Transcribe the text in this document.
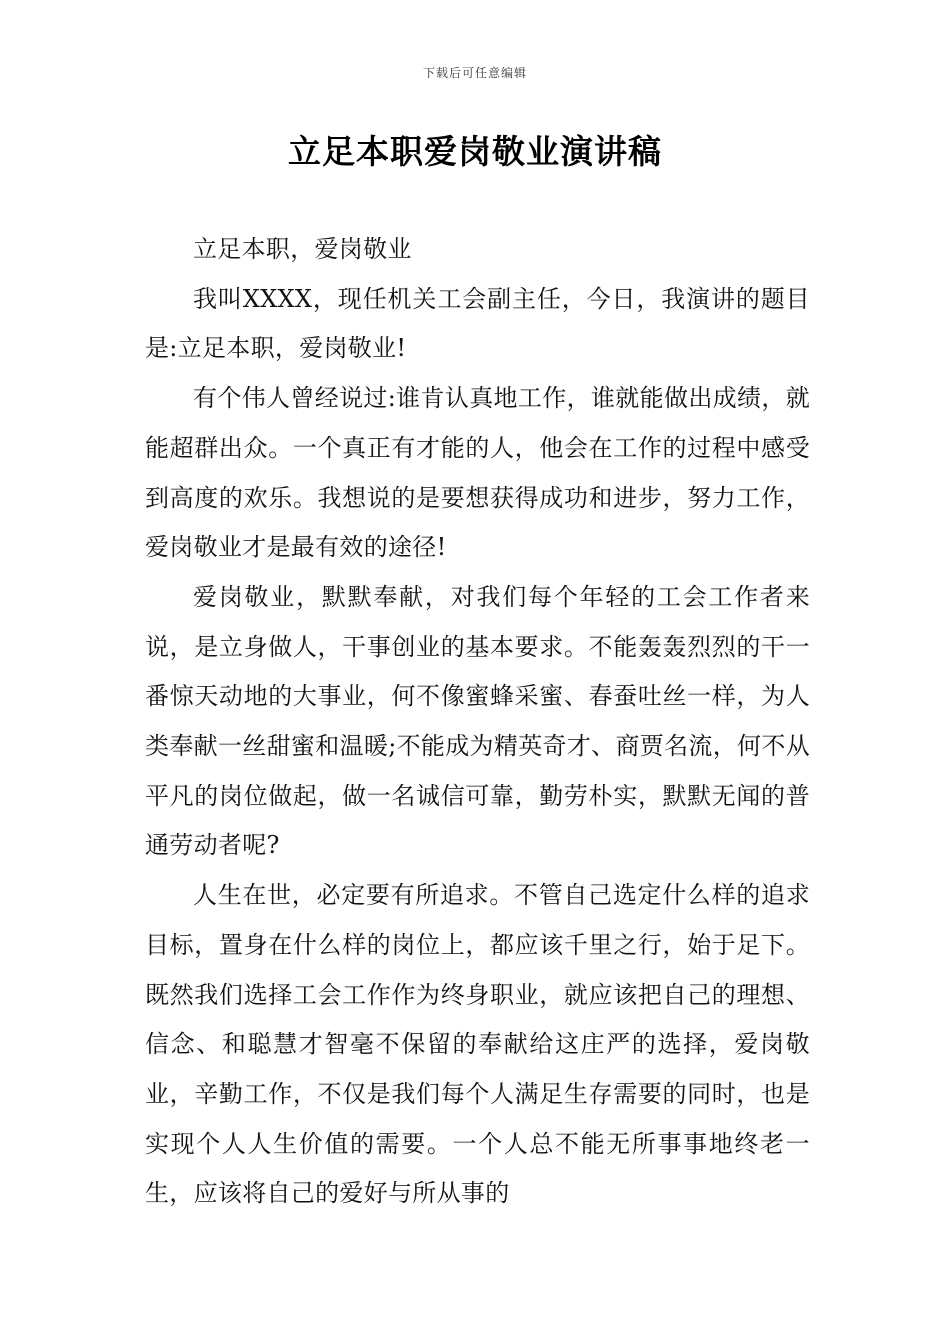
下载后可任意编辑
立足本职爱岗敬业演讲稿

立足本职，爱岗敬业

我叫XXXX，现任机关工会副主任，今日，我演讲的题目是:立足本职，爱岗敬业!

有个伟人曾经说过:谁肯认真地工作，谁就能做出成绩，就能超群出众。一个真正有才能的人，他会在工作的过程中感受到高度的欢乐。我想说的是要想获得成功和进步，努力工作，爱岗敬业才是最有效的途径!

爱岗敬业，默默奉献，对我们每个年轻的工会工作者来说，是立身做人，干事创业的基本要求。不能轰轰烈烈的干一番惊天动地的大事业，何不像蜜蜂采蜜、春蚕吐丝一样，为人类奉献一丝甜蜜和温暖;不能成为精英奇才、商贾名流，何不从平凡的岗位做起，做一名诚信可靠，勤劳朴实，默默无闻的普通劳动者呢?

人生在世，必定要有所追求。不管自己选定什么样的追求目标，置身在什么样的岗位上，都应该千里之行，始于足下。既然我们选择工会工作作为终身职业，就应该把自己的理想、信念、和聪慧才智毫不保留的奉献给这庄严的选择，爱岗敬业，辛勤工作，不仅是我们每个人满足生存需要的同时，也是实现个人人生价值的需要。一个人总不能无所事事地终老一生，应该将自己的爱好与所从事的
